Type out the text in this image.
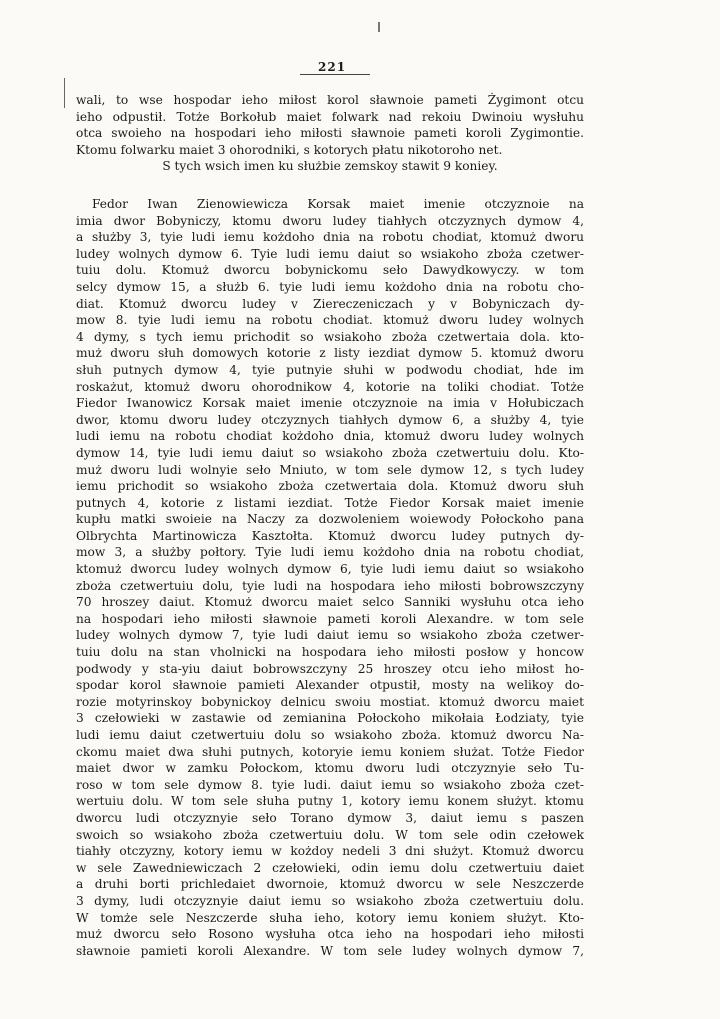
221
wali, to wse hospodar ieho miłost korol sławnoie pameti Żygimont otcu
ieho odpustił. Totże Borkołub maiet folwark nad rekoiu Dwinoiu wysłuhu
otca swoieho na hospodari ieho miłosti sławnoie pameti koroli Zygimontie.
Ktomu folwarku maiet 3 ohorodniki, s kotorych płatu nikotoroho net.
S tych wsich imen ku służbie zemskoy stawit 9 koniey.
Fedor Iwan Zienowiewicza Korsak maiet imenie otczyznoie na
imia dwor Bobyniczy, ktomu dworu ludey tiahłych otczyznych dymow 4,
a służby 3, tyie ludi iemu kożdoho dnia na robotu chodiat, ktomuż dworu
ludey wolnych dymow 6. Tyie ludi iemu daiut so wsiakoho zboża czetwer-
tuiu dolu. Ktomuż dworcu bobynickomu seło Dawydkowyczy. w tom
selcy dymow 15, a służb 6. tyie ludi iemu kożdoho dnia na robotu cho-
diat. Ktomuż dworcu ludey v Ziereczeniczach y v Bobyniczach dy-
mow 8. tyie ludi iemu na robotu chodiat. ktomuż dworu ludey wolnych
4 dymy, s tych iemu prichodit so wsiakoho zboża czetwertaia dola. kto-
muż dworu słuh domowych kotorie z listy iezdiat dymow 5. ktomuż dworu
słuh putnych dymow 4, tyie putnyie słuhi w podwodu chodiat, hde im
roskażut, ktomuż dworu ohorodnikow 4, kotorie na toliki chodiat. Totże
Fiedor Iwanowicz Korsak maiet imenie otczyznoie na imia v Hołubiczach
dwor, ktomu dworu ludey otczyznych tiahłych dymow 6, a służby 4, tyie
ludi iemu na robotu chodiat kożdoho dnia, ktomuż dworu ludey wolnych
dymow 14, tyie ludi iemu daiut so wsiakoho zboża czetwertuiu dolu. Kto-
muż dworu ludi wolnyie seło Mniuto, w tom sele dymow 12, s tych ludey
iemu prichodit so wsiakoho zboża czetwertaia dola. Ktomuż dworu słuh
putnych 4, kotorie z listami iezdiat. Totże Fiedor Korsak maiet imenie
kupłu matki swoieie na Naczy za dozwoleniem woiewody Połockoho pana
Olbrychta Martinowicza Kasztołta. Ktomuż dworcu ludey putnych dy-
mow 3, a służby połtory. Tyie ludi iemu kożdoho dnia na robotu chodiat,
ktomuż dworcu ludey wolnych dymow 6, tyie ludi iemu daiut so wsiakoho
zboża czetwertuiu dolu, tyie ludi na hospodara ieho miłosti bobrowszczyny
70 hroszey daiut. Ktomuż dworcu maiet selco Sanniki wysłuhu otca ieho
na hospodari ieho miłosti sławnoie pameti koroli Alexandre. w tom sele
ludey wolnych dymow 7, tyie ludi daiut iemu so wsiakoho zboża czetwer-
tuiu dolu na stan vholnicki na hospodara ieho miłosti posłow y honcow
podwody y sta-yiu daiut bobrowszczyny 25 hroszey otcu ieho miłost ho-
spodar korol sławnoie pamieti Alexander otpustił, mosty na welikoy do-
rozie motyrinskoy bobynickoy delnicu swoiu mostiat. ktomuż dworcu maiet
3 czełowieki w zastawie od zemianina Połockoho mikołaia Łodziaty, tyie
ludi iemu daiut czetwertuiu dolu so wsiakoho zboża. ktomuż dworcu Na-
ckomu maiet dwa słuhi putnych, kotoryie iemu koniem służat. Totże Fiedor
maiet dwor w zamku Połockom, ktomu dworu ludi otczyznyie seło Tu-
roso w tom sele dymow 8. tyie ludi. daiut iemu so wsiakoho zboża czet-
wertuiu dolu. W tom sele słuha putny 1, kotory iemu konem służyt. ktomu
dworcu ludi otczyznyie seło Torano dymow 3, daiut iemu s paszen
swoich so wsiakoho zboża czetwertuiu dolu. W tom sele odin czełowek
tiahły otczyzny, kotory iemu w kożdoy nedeli 3 dni służyt. Ktomuż dworcu
w sele Zawedniewiczach 2 czełowieki, odin iemu dolu czetwertuiu daiet
a druhi borti prichledaiet dwornoie, ktomuż dworcu w sele Neszczerde
3 dymy, ludi otczyznyie daiut iemu so wsiakoho zboża czetwertuiu dolu.
W tomże sele Neszczerde słuha ieho, kotory iemu koniem służyt. Kto-
muż dworcu seło Rosono wysłuha otca ieho na hospodari ieho miłosti
sławnoie pamieti koroli Alexandre. W tom sele ludey wolnych dymow 7,
